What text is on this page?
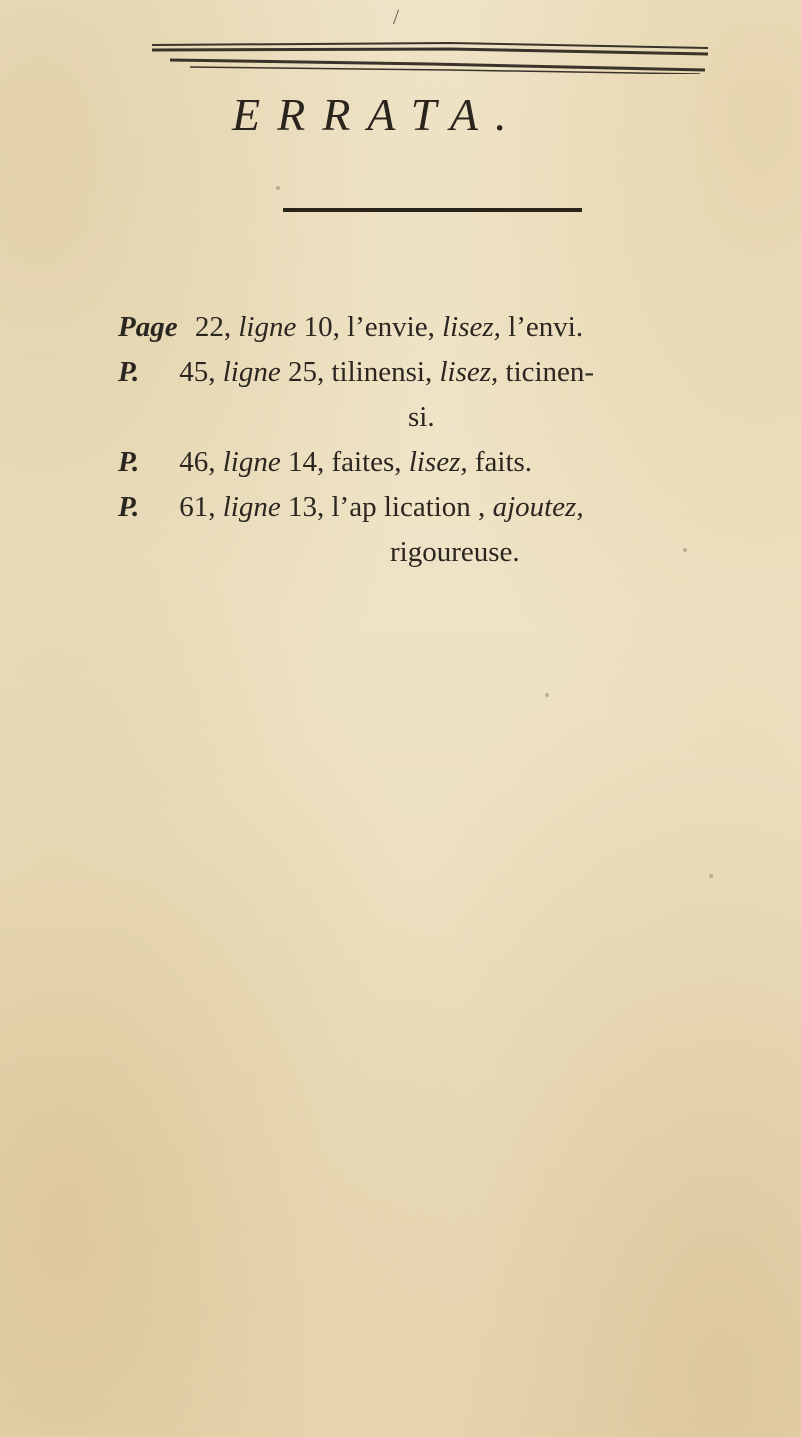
/
ERRATA.
Page 22, ligne 10, l’envie, lisez, l’envi.
P. 45, ligne 25, tilinensi, lisez, ticinen-
si.
P. 46, ligne 14, faites, lisez, faits.
P. 61, ligne 13, l’ap lication , ajoutez,
rigoureuse.
